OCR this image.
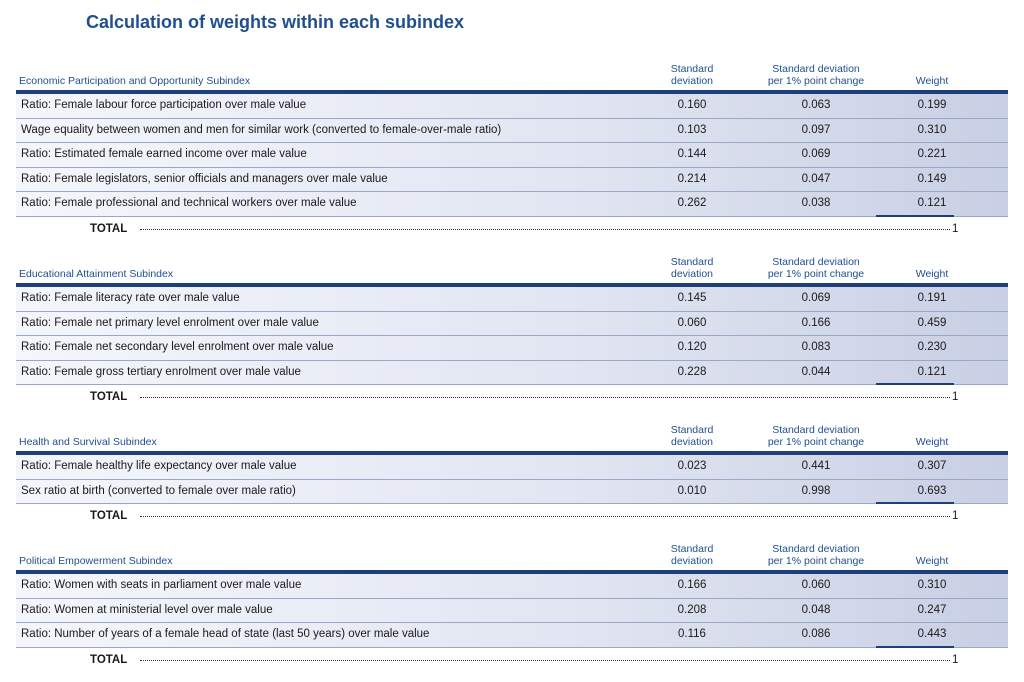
Calculation of weights within each subindex
Economic Participation and Opportunity Subindex
Standard
deviation
Standard deviation
per 1% point change	Weight
Ratio: Female labour force participation over male value	0.160	0.063	0.199
Wage equality between women and men for similar work (converted to female-over-male ratio)	0.103	0.097	0.310
Ratio: Estimated female earned income over male value	0.144	0.069	0.221
Ratio: Female legislators, senior officials and managers over male value	0.214	0.047	0.149
Ratio: Female professional and technical workers over male value	0.262	0.038	0.121
TOTAL	1
Educational Attainment Subindex
Standard
deviation
Standard deviation
per 1% point change	Weight
Ratio: Female literacy rate over male value	0.145	0.069	0.191
Ratio: Female net primary level enrolment over male value	0.060	0.166	0.459
Ratio: Female net secondary level enrolment over male value	0.120	0.083	0.230
Ratio: Female gross tertiary enrolment over male value	0.228	0.044	0.121
TOTAL	1
Health and Survival Subindex
Standard
deviation
Standard deviation
per 1% point change	Weight
Ratio: Female healthy life expectancy over male value	0.023	0.441	0.307
Sex ratio at birth (converted to female over male ratio)	0.010	0.998	0.693
TOTAL	1
Political Empowerment Subindex
Standard
deviation
Standard deviation
per 1% point change	Weight
Ratio: Women with seats in parliament over male value	0.166	0.060	0.310
Ratio: Women at ministerial level over male value	0.208	0.048	0.247
Ratio: Number of years of a female head of state (last 50 years) over male value	0.116	0.086	0.443
TOTAL	1
